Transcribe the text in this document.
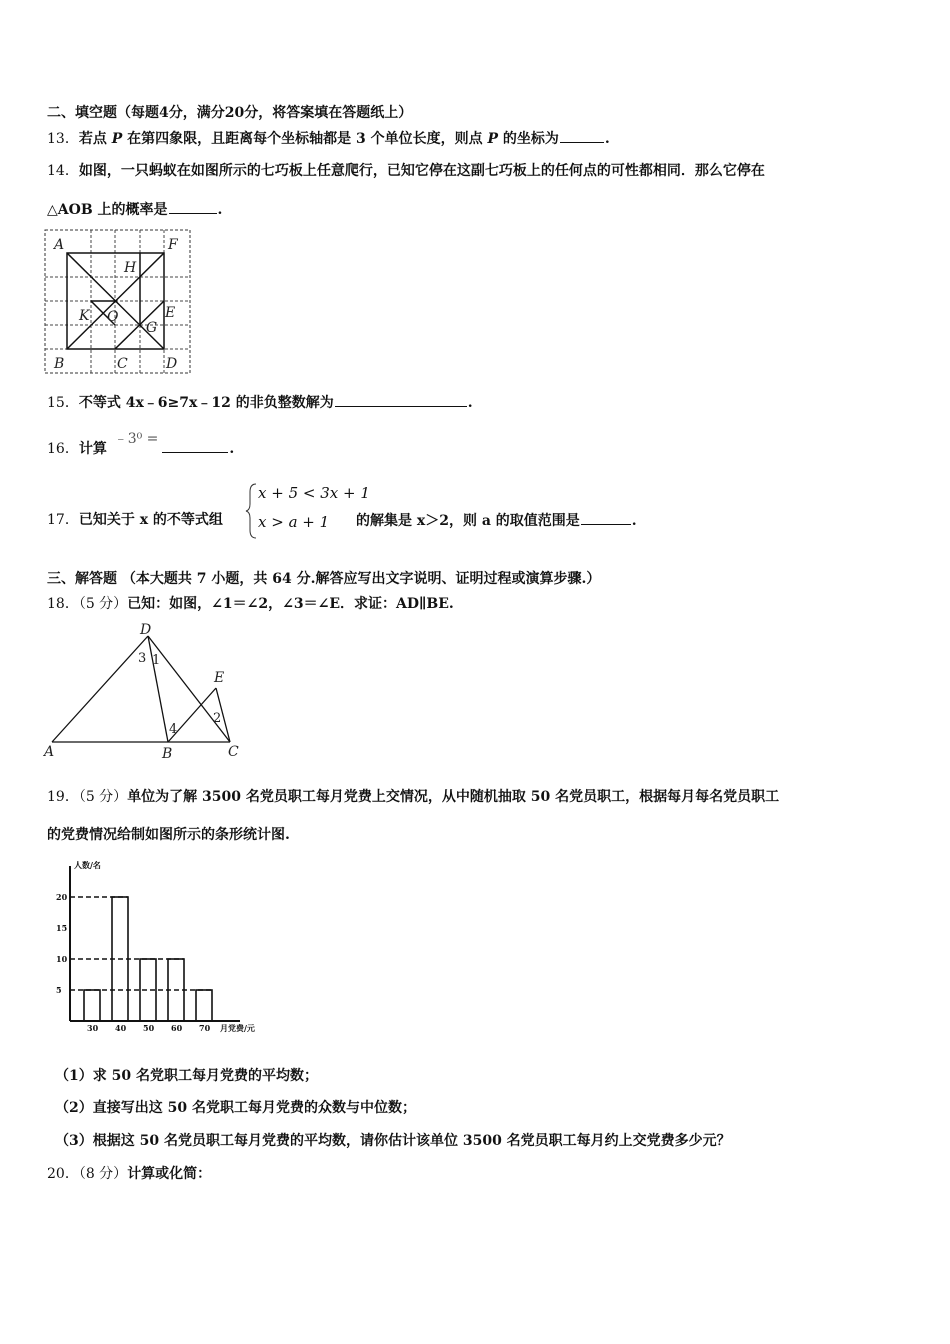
二、填空题（每题4分，满分20分，将答案填在答题纸上）
13．若点 P 在第四象限，且距离每个坐标轴都是 3 个单位长度，则点 P 的坐标为	.
14．如图，一只蚂蚁在如图所示的七巧板上任意爬行，已知它停在这副七巧板上的任何点的可性都相同．那么它停在
△AOB 上的概率是	.
A	F
H
K O
G
E
B	C	D
15．不等式 4x﹣6≥7x﹣12 的非负整数解为	.
16．计算 ﹣3⁰ =.
17．已知关于 x 的不等式组
x + 5 < 3x + 1
x > a + 1 的解集是 x＞2，则 a 的取值范围是	.
三、解答题 （本大题共 7 小题，共 64 分.解答应写出文字说明、证明过程或演算步骤.）
18．（5 分）已知：如图，∠1＝∠2，∠3＝∠E．求证：AD∥BE.
D
E
A	B	C
3 1
4
2
19．（5 分）单位为了解 3500 名党员职工每月党费上交情况，从中随机抽取 50 名党员职工，根据每月每名党员职工
的党费情况给制如图所示的条形统计图.
人数/名
月党费/元
30 40 50 60 70
5
10
15
20
（1）求 50 名党职工每月党费的平均数；
（2）直接写出这 50 名党职工每月党费的众数与中位数；
（3）根据这 50 名党员职工每月党费的平均数，请你估计该单位 3500 名党员职工每月约上交党费多少元？
20．（8 分）计算或化简：
